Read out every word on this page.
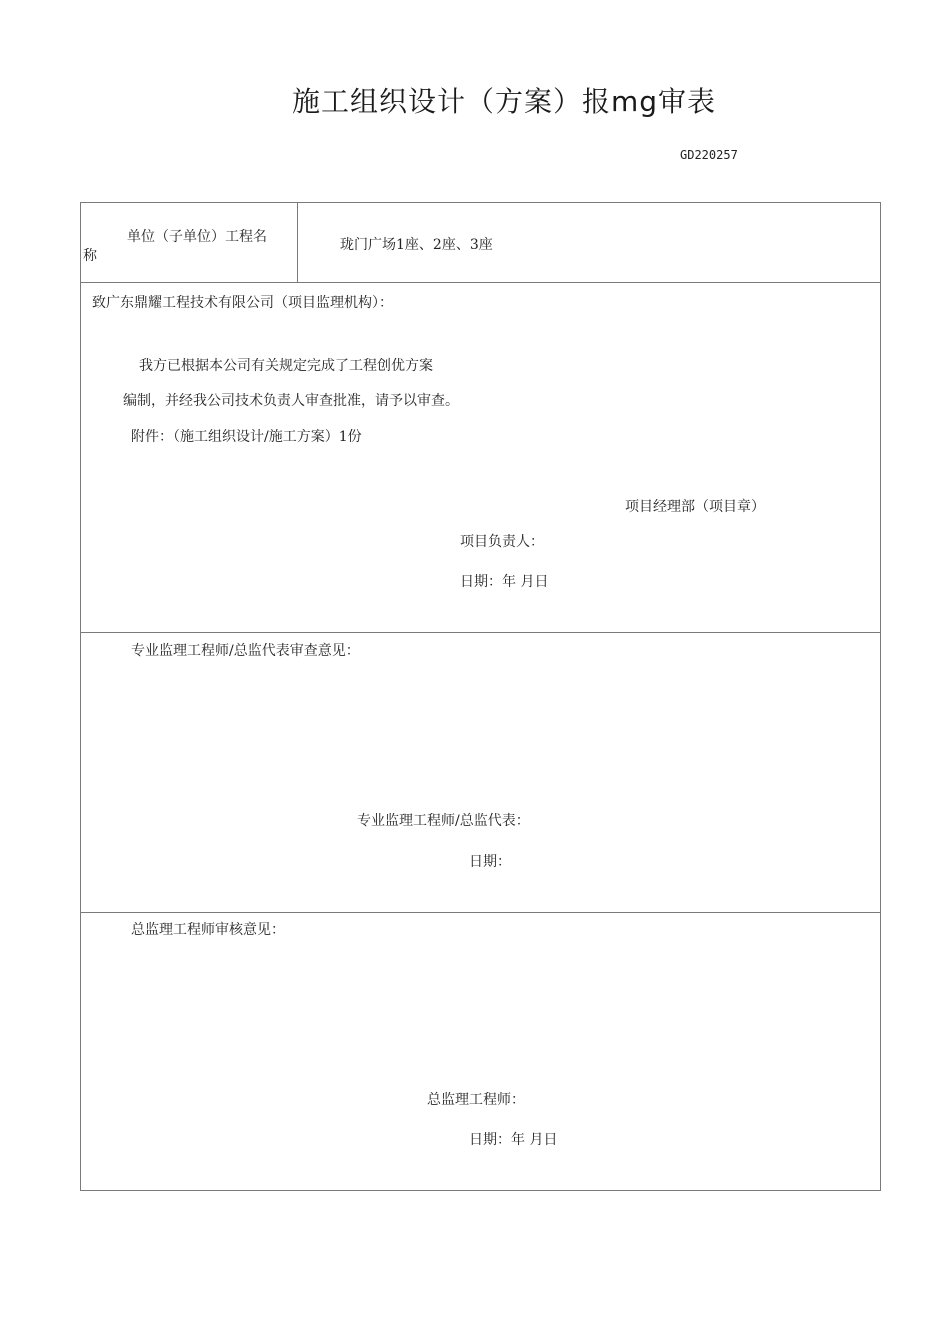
施工组织设计（方案）报mg审表
GD220257
单位（子单位）工程名
称
珑门广场1座、2座、3座
致广东鼎耀工程技术有限公司（项目监理机构）：
我方已根据本公司有关规定完成了工程创优方案
编制，并经我公司技术负责人审查批准，请予以审查。
附件：（施工组织设计/施工方案）1份
项目经理部（项目章）
项目负责人：
日期：年 月日
专业监理工程师/总监代表审查意见：
专业监理工程师/总监代表：
日期：
总监理工程师审核意见：
总监理工程师：
日期：年 月日
